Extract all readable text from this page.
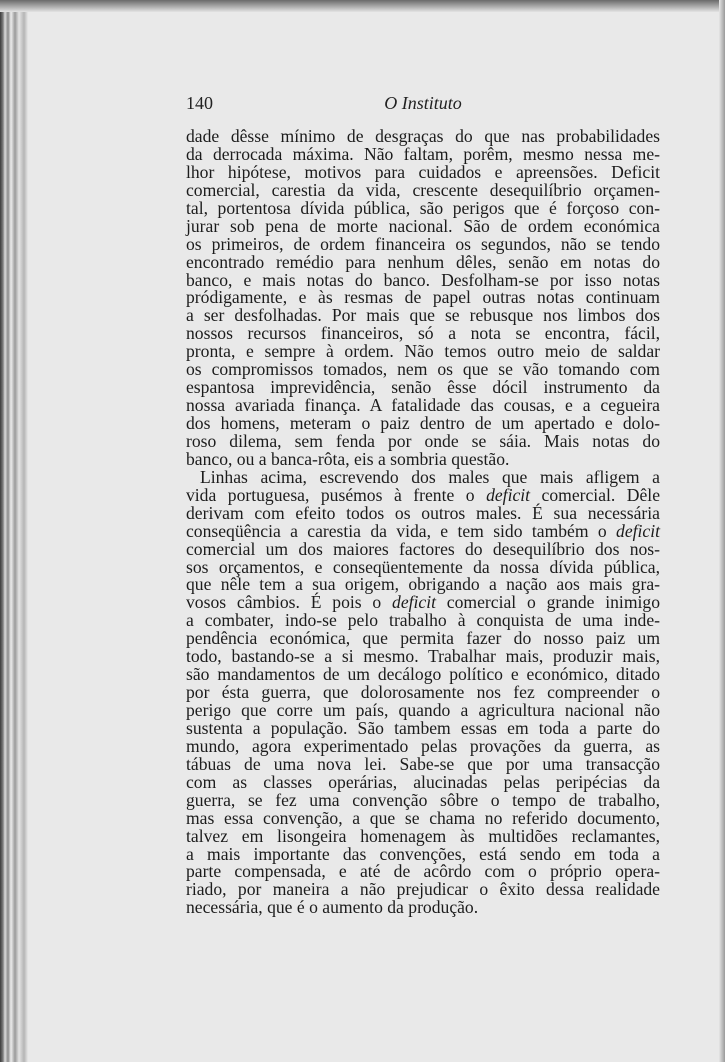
140	O Instituto
dade dêsse mínimo de desgraças do que nas probabilidades
da derrocada máxima. Não faltam, porêm, mesmo nessa me-
lhor hipótese, motivos para cuidados e apreensões. Deficit
comercial, carestia da vida, crescente desequilíbrio orçamen-
tal, portentosa dívida pública, são perigos que é forçoso con-
jurar sob pena de morte nacional. São de ordem económica
os primeiros, de ordem financeira os segundos, não se tendo
encontrado remédio para nenhum dêles, senão em notas do
banco, e mais notas do banco. Desfolham-se por isso notas
pródigamente, e às resmas de papel outras notas continuam
a ser desfolhadas. Por mais que se rebusque nos limbos dos
nossos recursos financeiros, só a nota se encontra, fácil,
pronta, e sempre à ordem. Não temos outro meio de saldar
os compromissos tomados, nem os que se vão tomando com
espantosa imprevidência, senão êsse dócil instrumento da
nossa avariada finança. A fatalidade das cousas, e a cegueira
dos homens, meteram o paiz dentro de um apertado e dolo-
roso dilema, sem fenda por onde se sáia. Mais notas do
banco, ou a banca-rôta, eis a sombria questão.
Linhas acima, escrevendo dos males que mais afligem a
vida portuguesa, pusémos à frente o deficit comercial. Dêle
derivam com efeito todos os outros males. É sua necessária
conseqüência a carestia da vida, e tem sido também o deficit
comercial um dos maiores factores do desequilíbrio dos nos-
sos orçamentos, e conseqüentemente da nossa dívida pública,
que nêle tem a sua origem, obrigando a nação aos mais gra-
vosos câmbios. É pois o deficit comercial o grande inimigo
a combater, indo-se pelo trabalho à conquista de uma inde-
pendência económica, que permita fazer do nosso paiz um
todo, bastando-se a si mesmo. Trabalhar mais, produzir mais,
são mandamentos de um decálogo político e económico, ditado
por ésta guerra, que dolorosamente nos fez compreender o
perigo que corre um país, quando a agricultura nacional não
sustenta a população. São tambem essas em toda a parte do
mundo, agora experimentado pelas provações da guerra, as
tábuas de uma nova lei. Sabe-se que por uma transacção
com as classes operárias, alucinadas pelas peripécias da
guerra, se fez uma convenção sôbre o tempo de trabalho,
mas essa convenção, a que se chama no referido documento,
talvez em lisongeira homenagem às multidões reclamantes,
a mais importante das convenções, está sendo em toda a
parte compensada, e até de acôrdo com o próprio opera-
riado, por maneira a não prejudicar o êxito dessa realidade
necessária, que é o aumento da produção.
